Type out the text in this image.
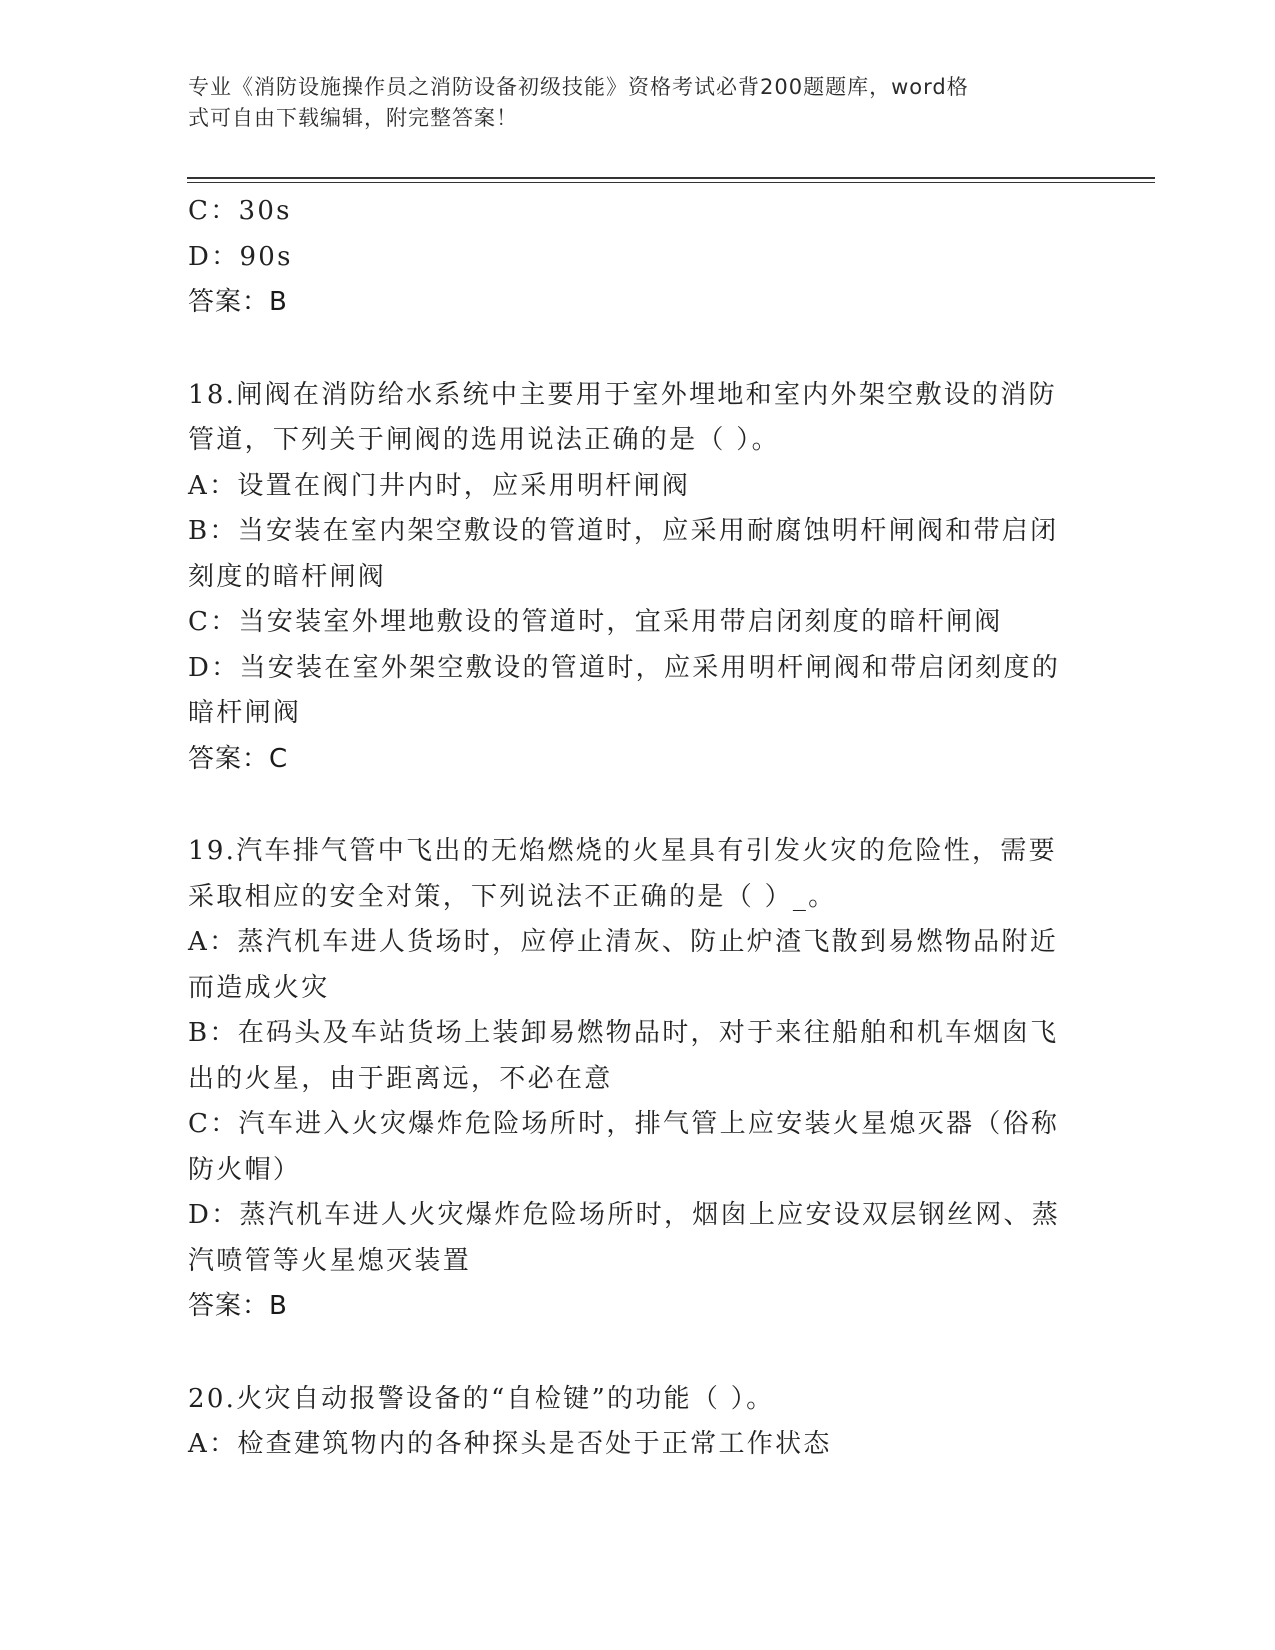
专业《消防设施操作员之消防设备初级技能》资格考试必背200题题库，word格
式可自由下载编辑，附完整答案！
C：30s
D：90s
答案：B
18.闸阀在消防给水系统中主要用于室外埋地和室内外架空敷设的消防
管道，下列关于闸阀的选用说法正确的是（ ）。
A：设置在阀门井内时，应采用明杆闸阀
B：当安装在室内架空敷设的管道时，应采用耐腐蚀明杆闸阀和带启闭
刻度的暗杆闸阀
C：当安装室外埋地敷设的管道时，宜采用带启闭刻度的暗杆闸阀
D：当安装在室外架空敷设的管道时，应采用明杆闸阀和带启闭刻度的
暗杆闸阀
答案：C
19.汽车排气管中飞出的无焰燃烧的火星具有引发火灾的危险性，需要
采取相应的安全对策，下列说法不正确的是（ ）_。
A：蒸汽机车进人货场时，应停止清灰、防止炉渣飞散到易燃物品附近
而造成火灾
B：在码头及车站货场上装卸易燃物品时，对于来往船舶和机车烟囱飞
出的火星，由于距离远，不必在意
C：汽车进入火灾爆炸危险场所时，排气管上应安装火星熄灭器（俗称
防火帽）
D：蒸汽机车进人火灾爆炸危险场所时，烟囱上应安设双层钢丝网、蒸
汽喷管等火星熄灭装置
答案：B
20.火灾自动报警设备的“自检键”的功能（ ）。
A：检查建筑物内的各种探头是否处于正常工作状态
